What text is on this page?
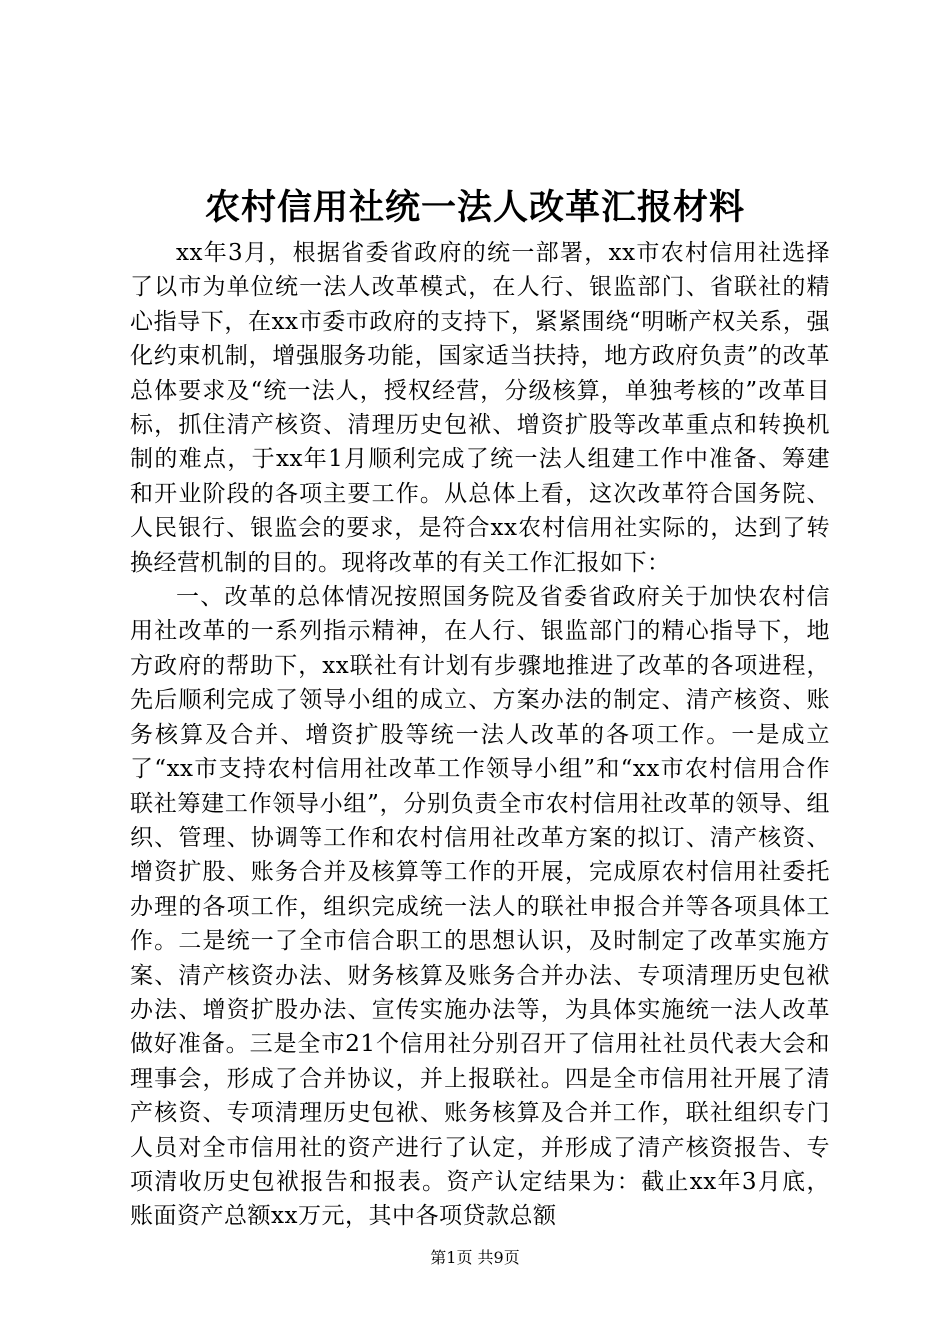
农村信用社统一法人改革汇报材料

xx年3月，根据省委省政府的统一部署，xx市农村信用社选择了以市为单位统一法人改革模式，在人行、银监部门、省联社的精心指导下，在xx市委市政府的支持下，紧紧围绕“明晰产权关系，强化约束机制，增强服务功能，国家适当扶持，地方政府负责”的改革总体要求及“统一法人，授权经营，分级核算，单独考核的”改革目标，抓住清产核资、清理历史包袱、增资扩股等改革重点和转换机制的难点，于xx年1月顺利完成了统一法人组建工作中准备、筹建和开业阶段的各项主要工作。从总体上看，这次改革符合国务院、人民银行、银监会的要求，是符合xx农村信用社实际的，达到了转换经营机制的目的。现将改革的有关工作汇报如下：

一、改革的总体情况按照国务院及省委省政府关于加快农村信用社改革的一系列指示精神，在人行、银监部门的精心指导下，地方政府的帮助下，xx联社有计划有步骤地推进了改革的各项进程，先后顺利完成了领导小组的成立、方案办法的制定、清产核资、账务核算及合并、增资扩股等统一法人改革的各项工作。一是成立了“xx市支持农村信用社改革工作领导小组”和“xx市农村信用合作联社筹建工作领导小组”，分别负责全市农村信用社改革的领导、组织、管理、协调等工作和农村信用社改革方案的拟订、清产核资、增资扩股、账务合并及核算等工作的开展，完成原农村信用社委托办理的各项工作，组织完成统一法人的联社申报合并等各项具体工作。二是统一了全市信合职工的思想认识，及时制定了改革实施方案、清产核资办法、财务核算及账务合并办法、专项清理历史包袱办法、增资扩股办法、宣传实施办法等，为具体实施统一法人改革做好准备。三是全市21个信用社分别召开了信用社社员代表大会和理事会，形成了合并协议，并上报联社。四是全市信用社开展了清产核资、专项清理历史包袱、账务核算及合并工作，联社组织专门人员对全市信用社的资产进行了认定，并形成了清产核资报告、专项清收历史包袱报告和报表。资产认定结果为：截止xx年3月底，账面资产总额xx万元，其中各项贷款总额

第1页 共9页
